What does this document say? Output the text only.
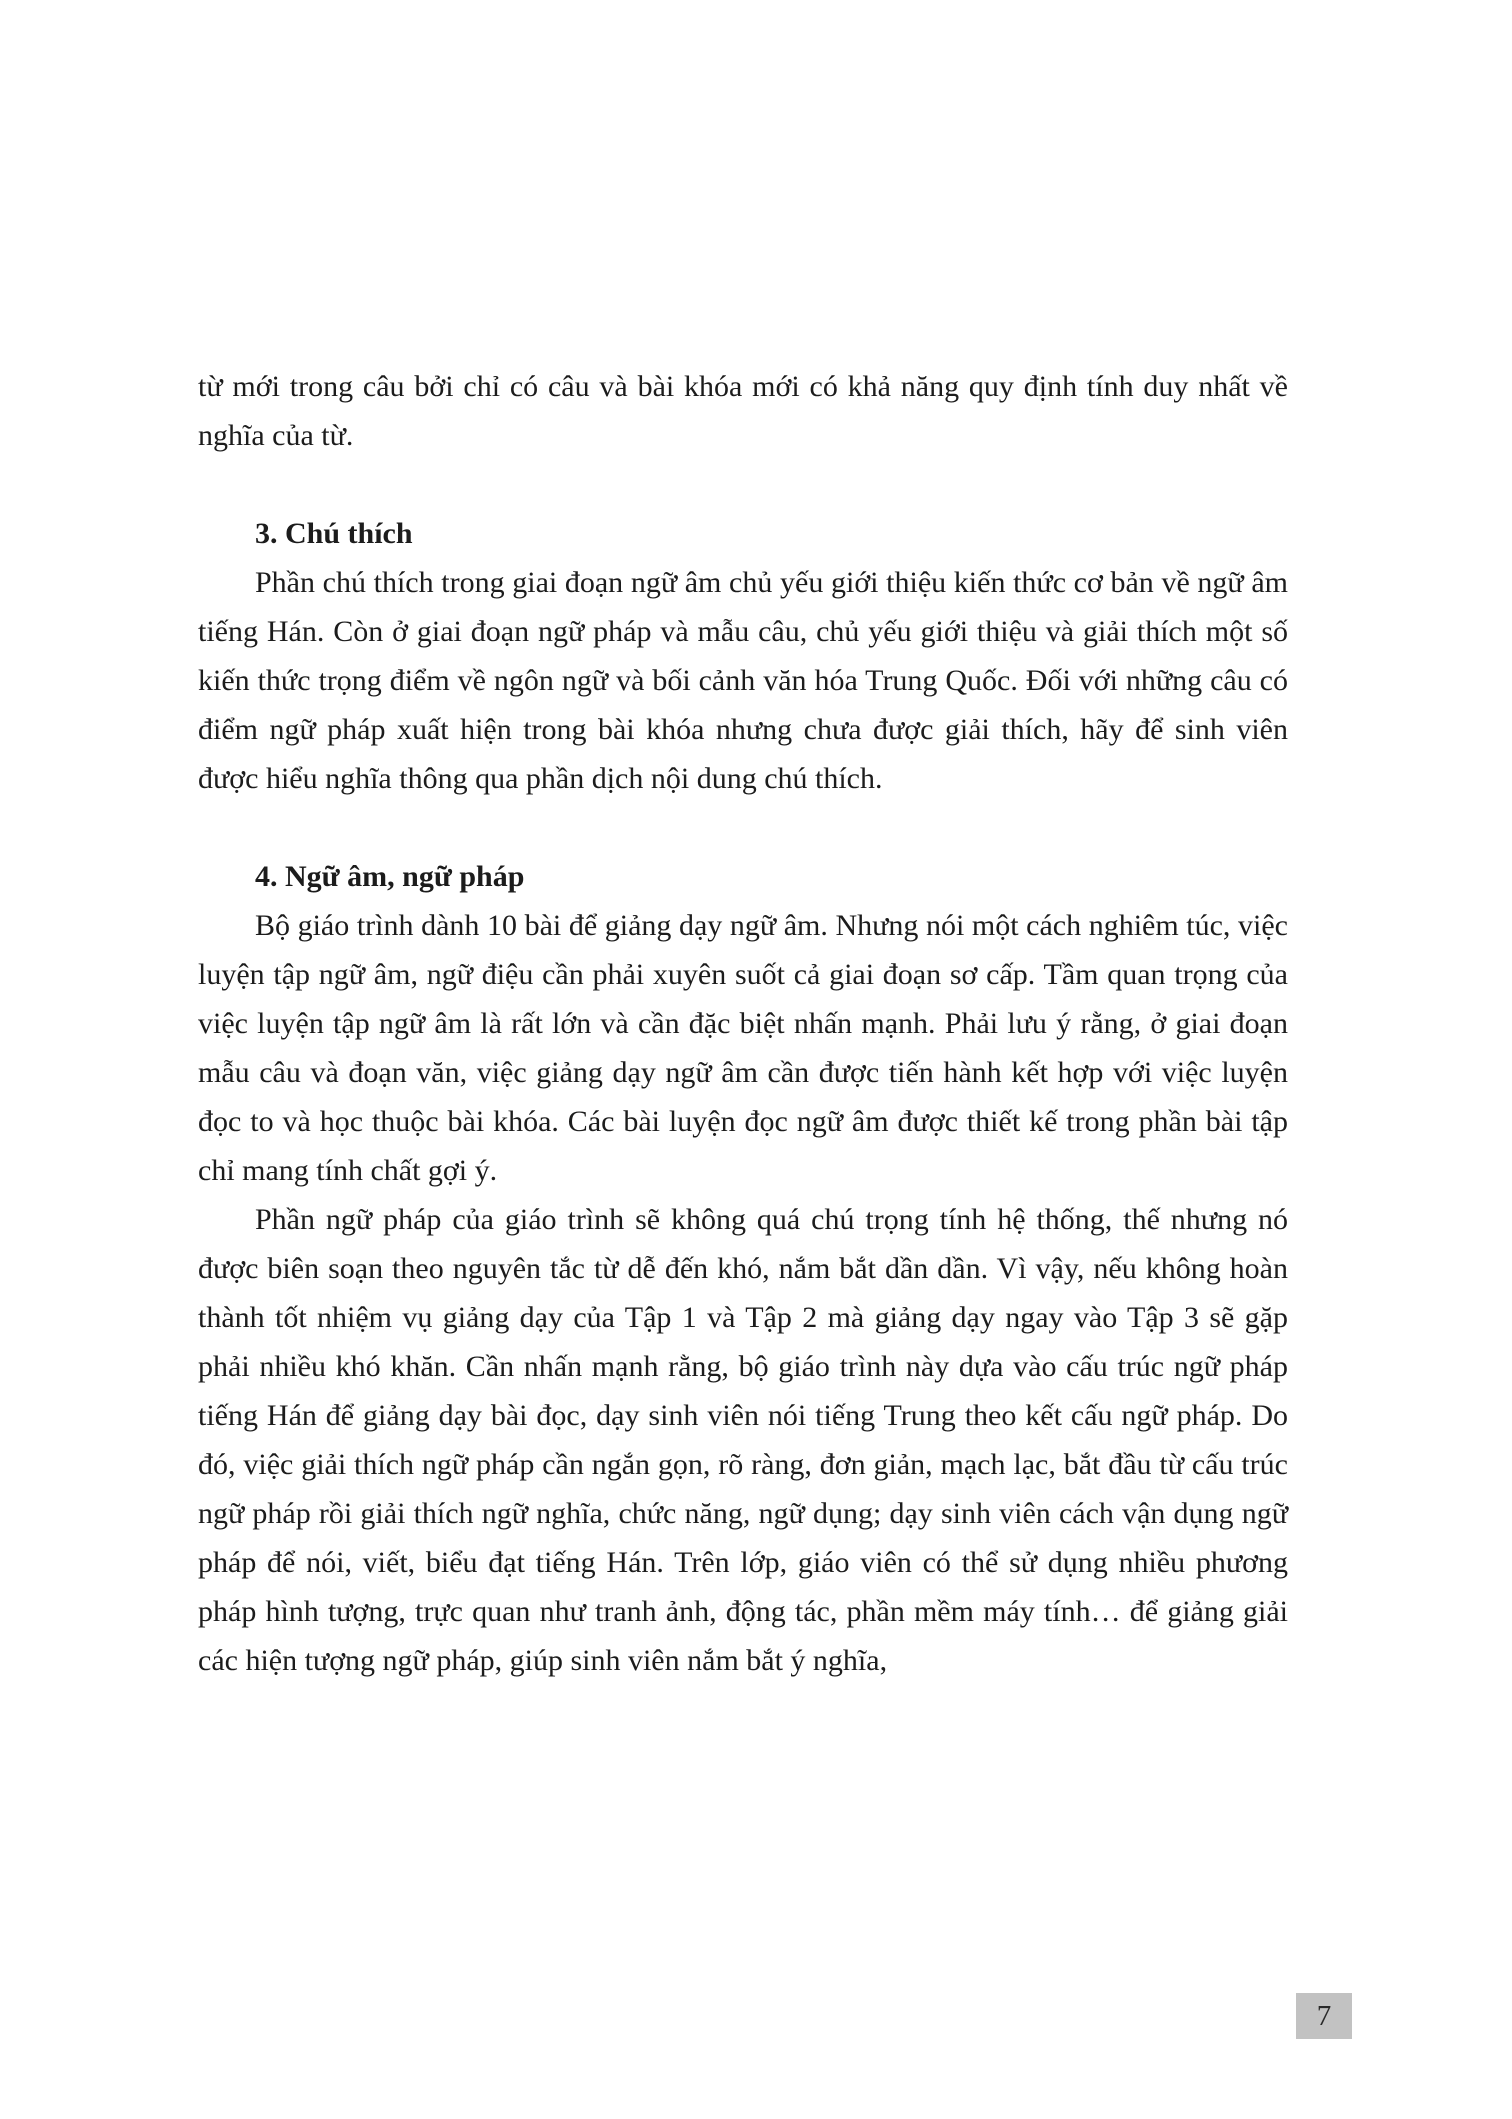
từ mới trong câu bởi chỉ có câu và bài khóa mới có khả năng quy định tính duy nhất về nghĩa của từ.

3. Chú thích

Phần chú thích trong giai đoạn ngữ âm chủ yếu giới thiệu kiến thức cơ bản về ngữ âm tiếng Hán. Còn ở giai đoạn ngữ pháp và mẫu câu, chủ yếu giới thiệu và giải thích một số kiến thức trọng điểm về ngôn ngữ và bối cảnh văn hóa Trung Quốc. Đối với những câu có điểm ngữ pháp xuất hiện trong bài khóa nhưng chưa được giải thích, hãy để sinh viên được hiểu nghĩa thông qua phần dịch nội dung chú thích.

4. Ngữ âm, ngữ pháp

Bộ giáo trình dành 10 bài để giảng dạy ngữ âm. Nhưng nói một cách nghiêm túc, việc luyện tập ngữ âm, ngữ điệu cần phải xuyên suốt cả giai đoạn sơ cấp. Tầm quan trọng của việc luyện tập ngữ âm là rất lớn và cần đặc biệt nhấn mạnh. Phải lưu ý rằng, ở giai đoạn mẫu câu và đoạn văn, việc giảng dạy ngữ âm cần được tiến hành kết hợp với việc luyện đọc to và học thuộc bài khóa. Các bài luyện đọc ngữ âm được thiết kế trong phần bài tập chỉ mang tính chất gợi ý.

Phần ngữ pháp của giáo trình sẽ không quá chú trọng tính hệ thống, thế nhưng nó được biên soạn theo nguyên tắc từ dễ đến khó, nắm bắt dần dần. Vì vậy, nếu không hoàn thành tốt nhiệm vụ giảng dạy của Tập 1 và Tập 2 mà giảng dạy ngay vào Tập 3 sẽ gặp phải nhiều khó khăn. Cần nhấn mạnh rằng, bộ giáo trình này dựa vào cấu trúc ngữ pháp tiếng Hán để giảng dạy bài đọc, dạy sinh viên nói tiếng Trung theo kết cấu ngữ pháp. Do đó, việc giải thích ngữ pháp cần ngắn gọn, rõ ràng, đơn giản, mạch lạc, bắt đầu từ cấu trúc ngữ pháp rồi giải thích ngữ nghĩa, chức năng, ngữ dụng; dạy sinh viên cách vận dụng ngữ pháp để nói, viết, biểu đạt tiếng Hán. Trên lớp, giáo viên có thể sử dụng nhiều phương pháp hình tượng, trực quan như tranh ảnh, động tác, phần mềm máy tính… để giảng giải các hiện tượng ngữ pháp, giúp sinh viên nắm bắt ý nghĩa,

7
